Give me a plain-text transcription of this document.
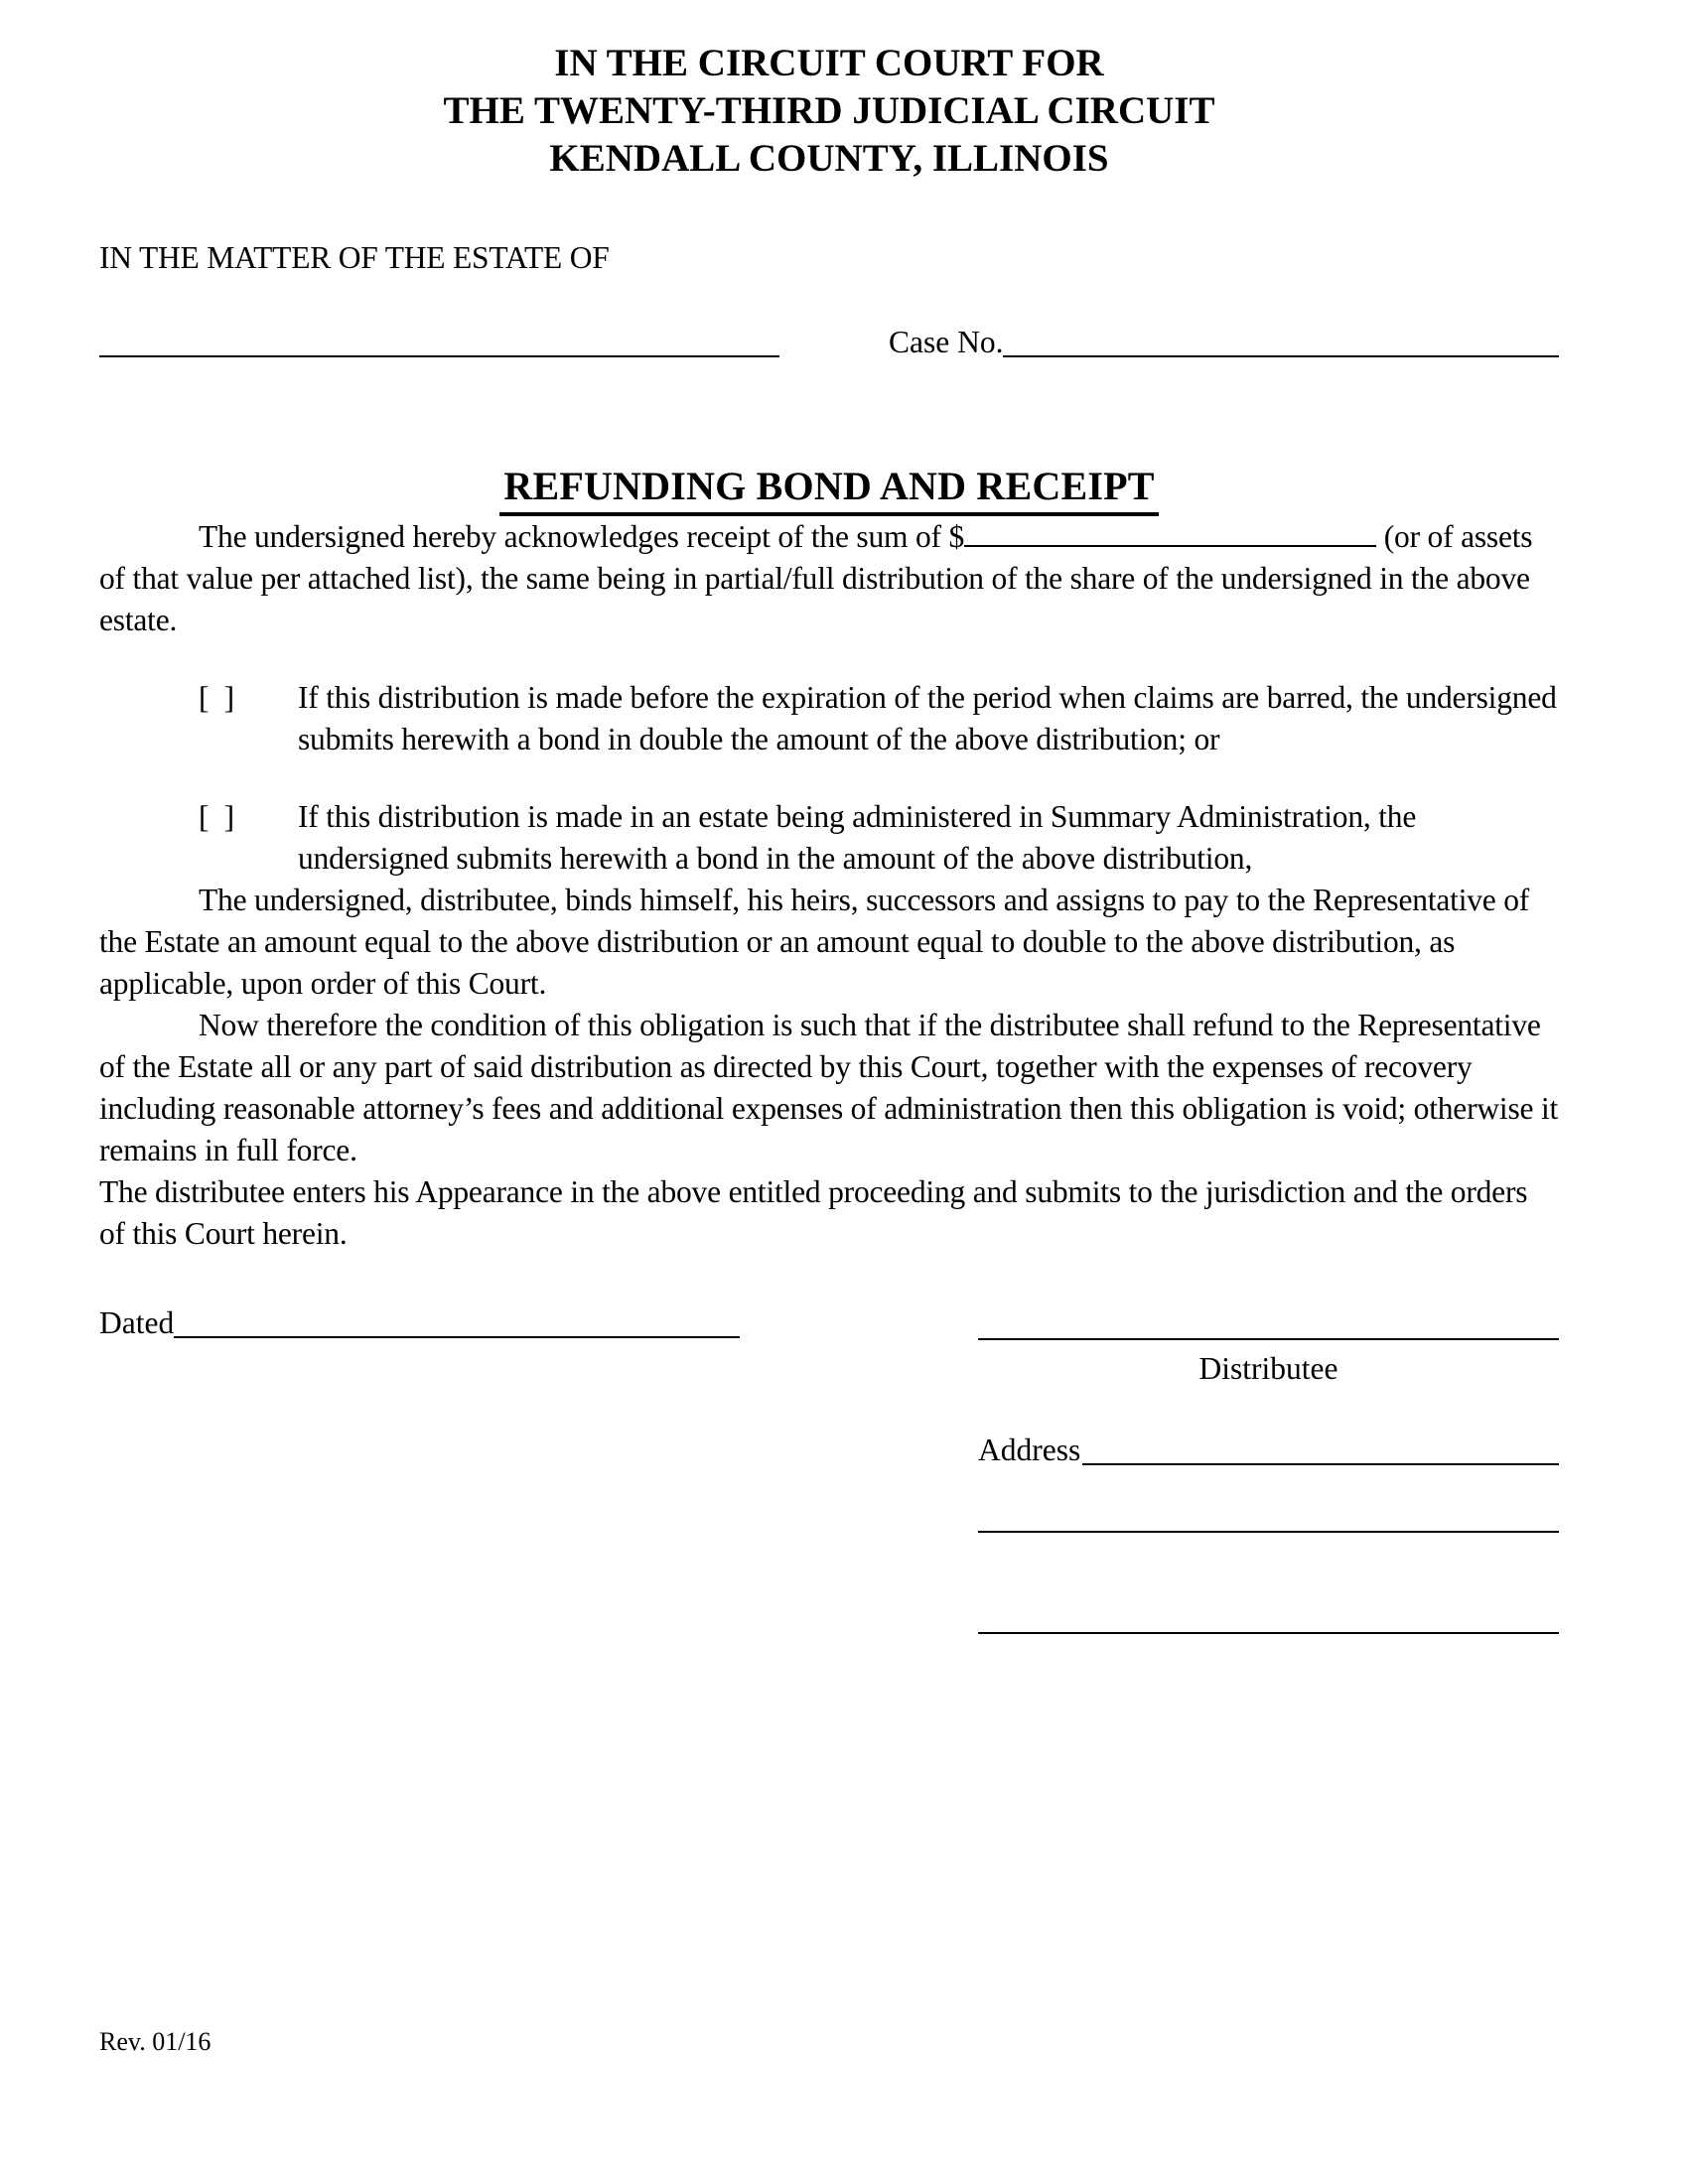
IN THE CIRCUIT COURT FOR
THE TWENTY-THIRD JUDICIAL CIRCUIT
KENDALL COUNTY, ILLINOIS
IN THE MATTER OF THE ESTATE OF
Case No.
REFUNDING BOND AND RECEIPT

The undersigned hereby acknowledges receipt of the sum of $	(or of assets of that value per attached list), the same being in partial/full distribution of the share of the undersigned in the above estate.

[  ]	If this distribution is made before the expiration of the period when claims are barred, the undersigned submits herewith a bond in double the amount of the above distribution; or
[  ]	If this distribution is made in an estate being administered in Summary Administration, the undersigned submits herewith a bond in the amount of the above distribution,

The undersigned, distributee, binds himself, his heirs, successors and assigns to pay to the Representative of the Estate an amount equal to the above distribution or an amount equal to double to the above distribution, as applicable, upon order of this Court.

Now therefore the condition of this obligation is such that if the distributee shall refund to the Representative of the Estate all or any part of said distribution as directed by this Court, together with the expenses of recovery including reasonable attorney’s fees and additional expenses of administration then this obligation is void; otherwise it remains in full force.

The distributee enters his Appearance in the above entitled proceeding and submits to the jurisdiction and the orders of this Court herein.

Dated
Distributee
Address
Rev. 01/16
